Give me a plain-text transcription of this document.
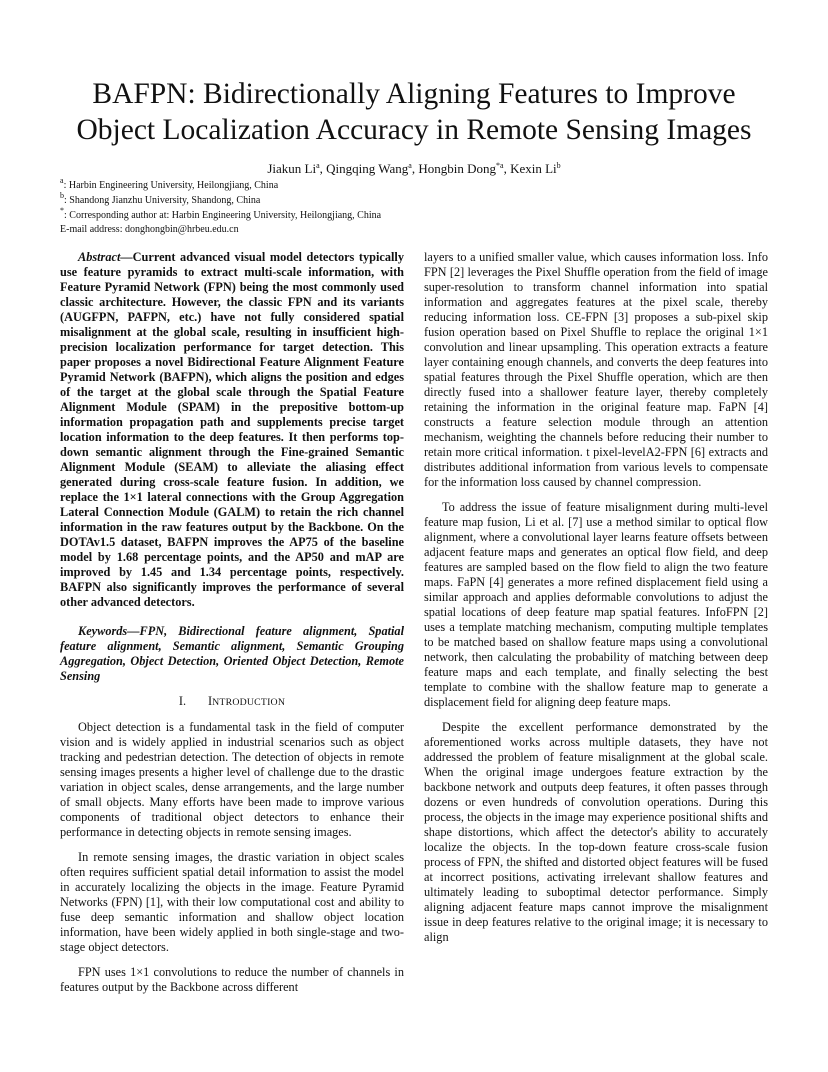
BAFPN: Bidirectionally Aligning Features to Improve
Object Localization Accuracy in Remote Sensing Images
Jiakun Li$^a$, Qingqing Wang$^a$, Hongbin Dong$^{*a}$, Kexin Li$^b$
$^a$: Harbin Engineering University, Heilongjiang, China
$^b$: Shandong Jianzhu University, Shandong, China
*: Corresponding author at: Harbin Engineering University, Heilongjiang, China
E-mail address: donghongbin@hrbeu.edu.cn

Abstract—Current advanced visual model detectors typically use feature pyramids to extract multi-scale information, with Feature Pyramid Network (FPN) being the most commonly used classic architecture. However, the classic FPN and its variants (AUGFPN, PAFPN, etc.) have not fully considered spatial misalignment at the global scale, resulting in insufficient high-precision localization performance for target detection. This paper proposes a novel Bidirectional Feature Alignment Feature Pyramid Network (BAFPN), which aligns the position and edges of the target at the global scale through the Spatial Feature Alignment Module (SPAM) in the prepositive bottom-up information propagation path and supplements precise target location information to the deep features. It then performs top-down semantic alignment through the Fine-grained Semantic Alignment Module (SEAM) to alleviate the aliasing effect generated during cross-scale feature fusion. In addition, we replace the 1×1 lateral connections with the Group Aggregation Lateral Connection Module (GALM) to retain the rich channel information in the raw features output by the Backbone. On the DOTAv1.5 dataset, BAFPN improves the AP75 of the baseline model by 1.68 percentage points, and the AP50 and mAP are improved by 1.45 and 1.34 percentage points, respectively. BAFPN also significantly improves the performance of several other advanced detectors.

Keywords—FPN, Bidirectional feature alignment, Spatial feature alignment, Semantic alignment, Semantic Grouping Aggregation, Object Detection, Oriented Object Detection, Remote Sensing

I. INTRODUCTION

Object detection is a fundamental task in the field of computer vision and is widely applied in industrial scenarios such as object tracking and pedestrian detection. The detection of objects in remote sensing images presents a higher level of challenge due to the drastic variation in object scales, dense arrangements, and the large number of small objects. Many efforts have been made to improve various components of traditional object detectors to enhance their performance in detecting objects in remote sensing images.

In remote sensing images, the drastic variation in object scales often requires sufficient spatial detail information to assist the model in accurately localizing the objects in the image. Feature Pyramid Networks (FPN) [1], with their low computational cost and ability to fuse deep semantic information and shallow object location information, have been widely applied in both single-stage and two-stage object detectors.

FPN uses 1×1 convolutions to reduce the number of channels in features output by the Backbone across different

layers to a unified smaller value, which causes information loss. Info FPN [2] leverages the Pixel Shuffle operation from the field of image super-resolution to transform channel information into spatial information and aggregates features at the pixel scale, thereby reducing information loss. CE-FPN [3] proposes a sub-pixel skip fusion operation based on Pixel Shuffle to replace the original 1×1 convolution and linear upsampling. This operation extracts a feature layer containing enough channels, and converts the deep features into spatial features through the Pixel Shuffle operation, which are then directly fused into a shallower feature layer, thereby completely retaining the information in the original feature map. FaPN [4] constructs a feature selection module through an attention mechanism, weighting the channels before reducing their number to retain more critical information. t pixel-levelA2-FPN [6] extracts and distributes additional information from various levels to compensate for the information loss caused by channel compression.

To address the issue of feature misalignment during multi-level feature map fusion, Li et al. [7] use a method similar to optical flow alignment, where a convolutional layer learns feature offsets between adjacent feature maps and generates an optical flow field, and deep features are sampled based on the flow field to align the two feature maps. FaPN [4] generates a more refined displacement field using a similar approach and applies deformable convolutions to adjust the spatial locations of deep feature map spatial features. InfoFPN [2] uses a template matching mechanism, computing multiple templates to be matched based on shallow feature maps using a convolutional network, then calculating the probability of matching between deep feature maps and each template, and finally selecting the best template to combine with the shallow feature map to generate a displacement field for aligning deep feature maps.

Despite the excellent performance demonstrated by the aforementioned works across multiple datasets, they have not addressed the problem of feature misalignment at the global scale. When the original image undergoes feature extraction by the backbone network and outputs deep features, it often passes through dozens or even hundreds of convolution operations. During this process, the objects in the image may experience positional shifts and shape distortions, which affect the detector's ability to accurately localize the objects. In the top-down feature cross-scale fusion process of FPN, the shifted and distorted object features will be fused at incorrect positions, activating irrelevant shallow features and ultimately leading to suboptimal detector performance. Simply aligning adjacent feature maps cannot improve the misalignment issue in deep features relative to the original image; it is necessary to align
